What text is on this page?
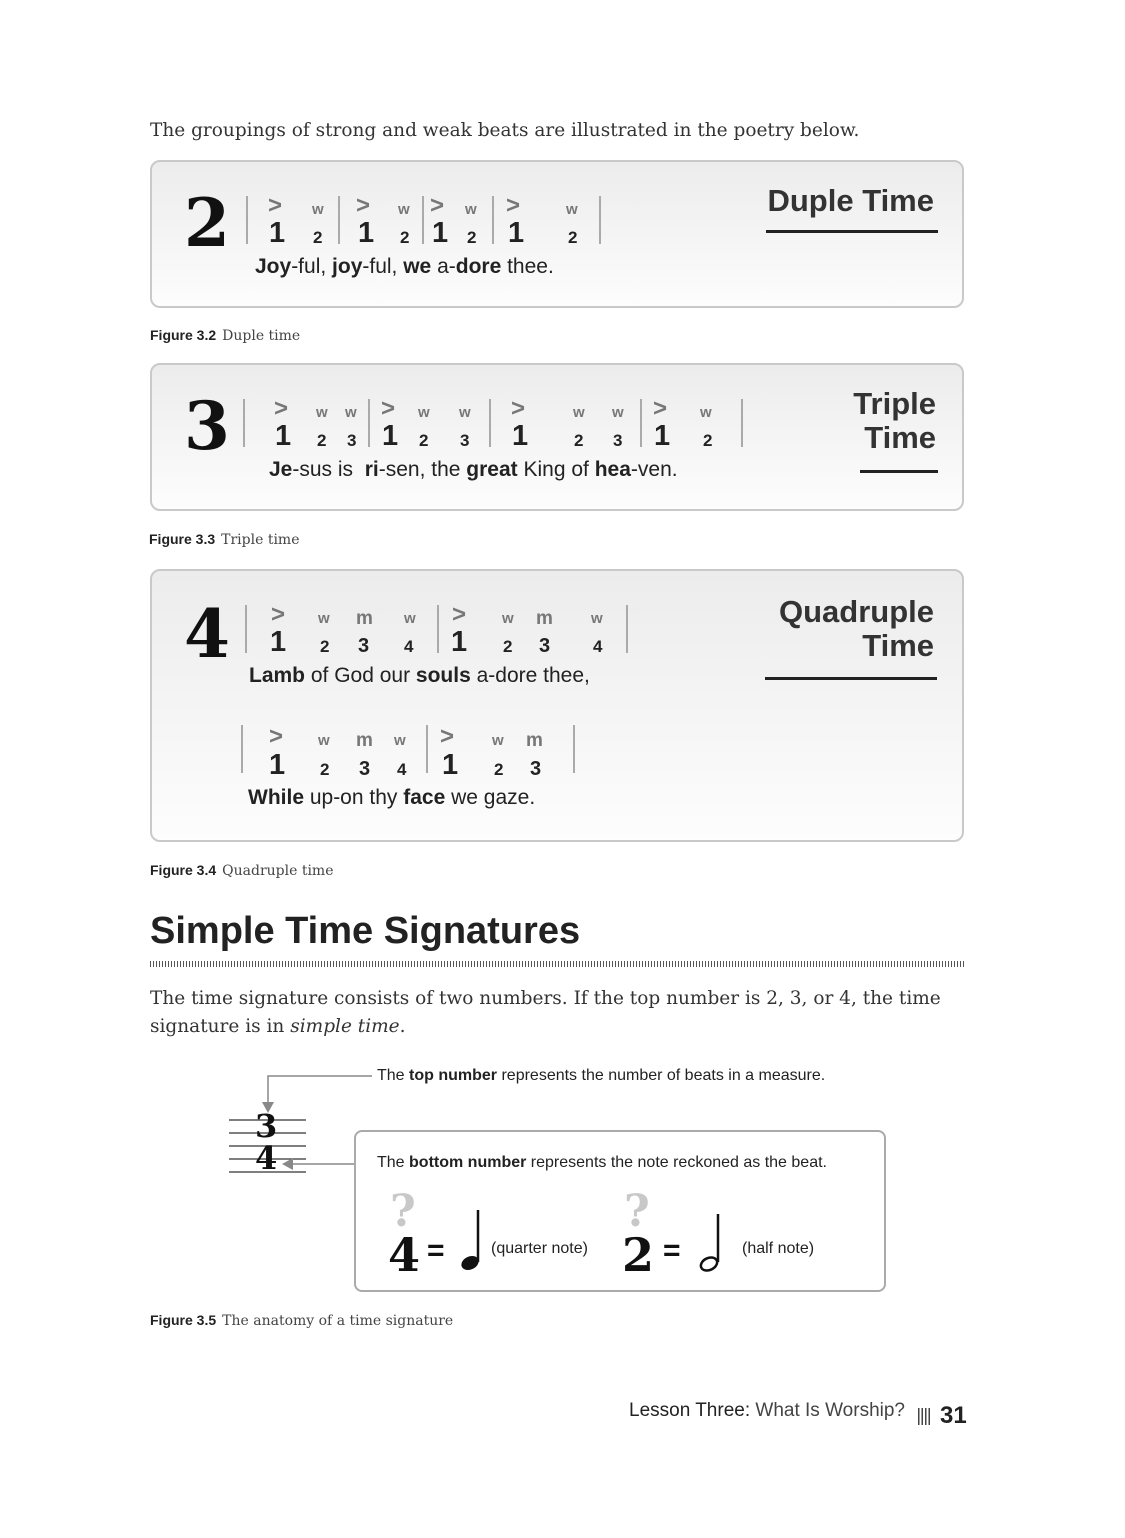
The groupings of strong and weak beats are illustrated in the poetry below.
2 > w > w > w >	w
1 2 1 2 1 2 1	2
Joy-ful, joy-ful, we a-dore thee.
Duple Time
Figure 3.2 Duple time
3 > w w > w w >	w w > w
1 2 3 1 2 3 1	2 3 1 2
Je-sus is  ri-sen, the great King of hea-ven.
Triple
Time
Figure 3.3 Triple time
4 > w m w > w m	w
1 2 3 4 1 2 3	4
Lamb of God our souls a-dore thee,
> w m w >	w m
1 2 3 4 1 2 3
While up-on thy face we gaze.
Quadruple
Time
Figure 3.4 Quadruple time
Simple Time Signatures
The time signature consists of two numbers. If the top number is 2, 3, or 4, the time signature is in simple time.
3
4
The top number represents the number of beats in a measure.
The bottom number represents the note reckoned as the beat.
?
4 =	(quarter note)
?
2 =	(half note)
Figure 3.5 The anatomy of a time signature
Lesson Three: What Is Worship? 31
